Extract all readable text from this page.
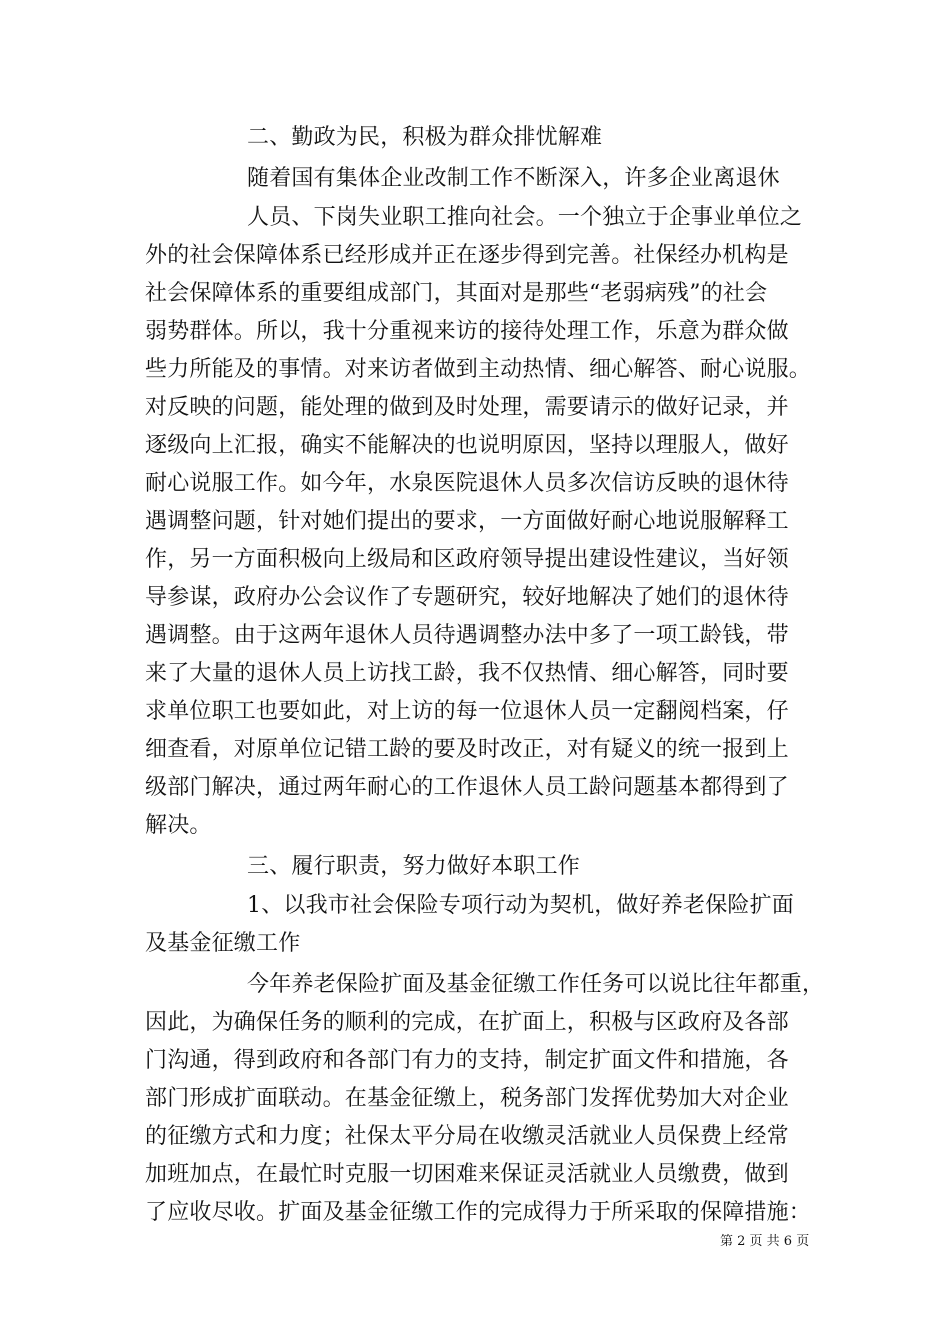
二、勤政为民，积极为群众排忧解难
随着国有集体企业改制工作不断深入，许多企业离退休
人员、下岗失业职工推向社会。一个独立于企事业单位之
外的社会保障体系已经形成并正在逐步得到完善。社保经办机构是
社会保障体系的重要组成部门，其面对是那些“老弱病残”的社会
弱势群体。所以，我十分重视来访的接待处理工作，乐意为群众做
些力所能及的事情。对来访者做到主动热情、细心解答、耐心说服。
对反映的问题，能处理的做到及时处理，需要请示的做好记录，并
逐级向上汇报，确实不能解决的也说明原因，坚持以理服人，做好
耐心说服工作。如今年，水泉医院退休人员多次信访反映的退休待
遇调整问题，针对她们提出的要求，一方面做好耐心地说服解释工
作，另一方面积极向上级局和区政府领导提出建设性建议，当好领
导参谋，政府办公会议作了专题研究，较好地解决了她们的退休待
遇调整。由于这两年退休人员待遇调整办法中多了一项工龄钱，带
来了大量的退休人员上访找工龄，我不仅热情、细心解答，同时要
求单位职工也要如此，对上访的每一位退休人员一定翻阅档案，仔
细查看，对原单位记错工龄的要及时改正，对有疑义的统一报到上
级部门解决，通过两年耐心的工作退休人员工龄问题基本都得到了
解决。
三、履行职责，努力做好本职工作
1、以我市社会保险专项行动为契机，做好养老保险扩面
及基金征缴工作
今年养老保险扩面及基金征缴工作任务可以说比往年都重，
因此，为确保任务的顺利的完成，在扩面上，积极与区政府及各部
门沟通，得到政府和各部门有力的支持，制定扩面文件和措施，各
部门形成扩面联动。在基金征缴上，税务部门发挥优势加大对企业
的征缴方式和力度；社保太平分局在收缴灵活就业人员保费上经常
加班加点，在最忙时克服一切困难来保证灵活就业人员缴费，做到
了应收尽收。扩面及基金征缴工作的完成得力于所采取的保障措施：
第 2 页 共 6 页
